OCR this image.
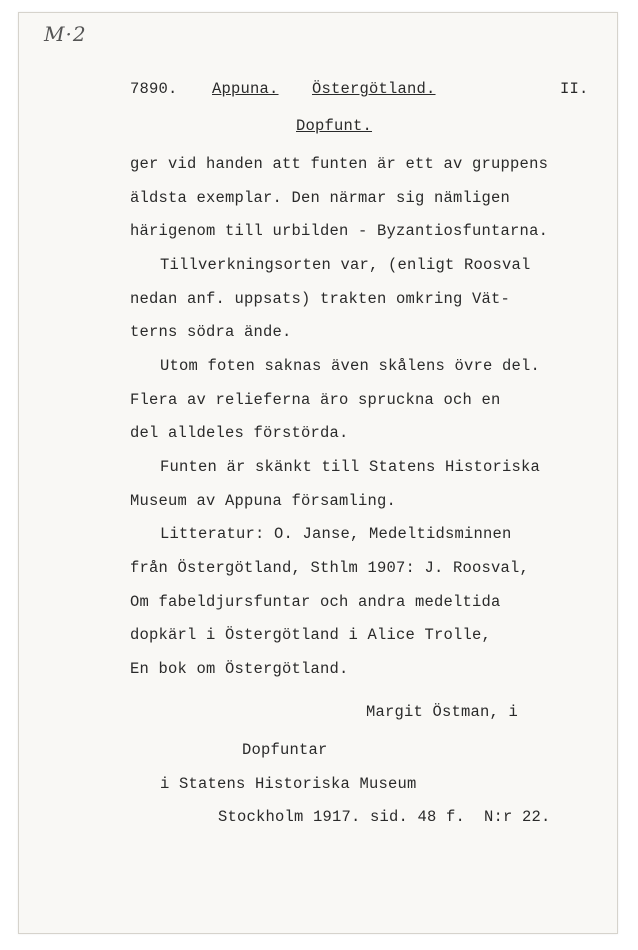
M·2
7890. Appuna. Östergötland.	II.
Dopfunt.
ger vid handen att funten är ett av gruppens
äldsta exemplar. Den närmar sig nämligen
härigenom till urbilden - Byzantiosfuntarna.
Tillverkningsorten var, (enligt Roosval
nedan anf. uppsats) trakten omkring Vät-
terns södra ände.
Utom foten saknas även skålens övre del.
Flera av relieferna äro spruckna och en
del alldeles förstörda.
Funten är skänkt till Statens Historiska
Museum av Appuna församling.
Litteratur: O. Janse, Medeltidsminnen
från Östergötland, Sthlm 1907: J. Roosval,
Om fabeldjursfuntar och andra medeltida
dopkärl i Östergötland i Alice Trolle,
En bok om Östergötland.
Margit Östman, i
Dopfuntar
i Statens Historiska Museum
Stockholm 1917. sid. 48 f.  N:r 22.
